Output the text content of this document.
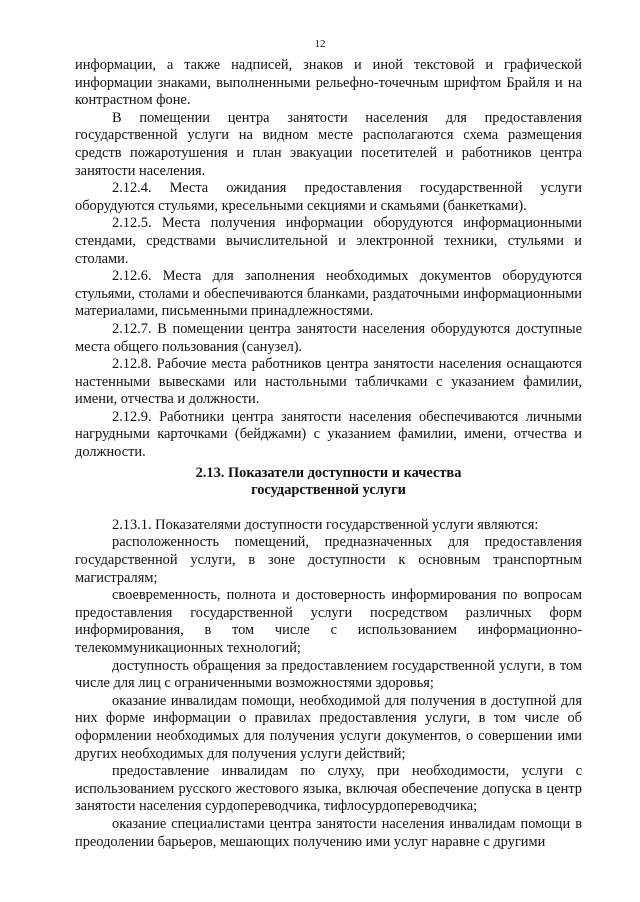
12

информации, а также надписей, знаков и иной текстовой и графической информации знаками, выполненными рельефно-точечным шрифтом Брайля и на контрастном фоне.

В помещении центра занятости населения для предоставления государственной услуги на видном месте располагаются схема размещения средств пожаротушения и план эвакуации посетителей и работников центра занятости населения.

2.12.4. Места ожидания предоставления государственной услуги оборудуются стульями, кресельными секциями и скамьями (банкетками).

2.12.5. Места получения информации оборудуются информационными стендами, средствами вычислительной и электронной техники, стульями и столами.

2.12.6. Места для заполнения необходимых документов оборудуются стульями, столами и обеспечиваются бланками, раздаточными информационными материалами, письменными принадлежностями.

2.12.7. В помещении центра занятости населения оборудуются доступные места общего пользования (санузел).

2.12.8. Рабочие места работников центра занятости населения оснащаются настенными вывесками или настольными табличками с указанием фамилии, имени, отчества и должности.

2.12.9. Работники центра занятости населения обеспечиваются личными нагрудными карточками (бейджами) с указанием фамилии, имени, отчества и должности.

2.13. Показатели доступности и качества
государственной услуги

2.13.1. Показателями доступности государственной услуги являются:

расположенность помещений, предназначенных для предоставления государственной услуги, в зоне доступности к основным транспортным магистралям;

своевременность, полнота и достоверность информирования по вопросам предоставления государственной услуги посредством различных форм информирования, в том числе с использованием информационно-телекоммуникационных технологий;

доступность обращения за предоставлением государственной услуги, в том числе для лиц с ограниченными возможностями здоровья;

оказание инвалидам помощи, необходимой для получения в доступной для них форме информации о правилах предоставления услуги, в том числе об оформлении необходимых для получения услуги документов, о совершении ими других необходимых для получения услуги действий;

предоставление инвалидам по слуху, при необходимости, услуги с использованием русского жестового языка, включая обеспечение допуска в центр занятости населения сурдопереводчика, тифлосурдопереводчика;

оказание специалистами центра занятости населения инвалидам помощи в преодолении барьеров, мешающих получению ими услуг наравне с другими
